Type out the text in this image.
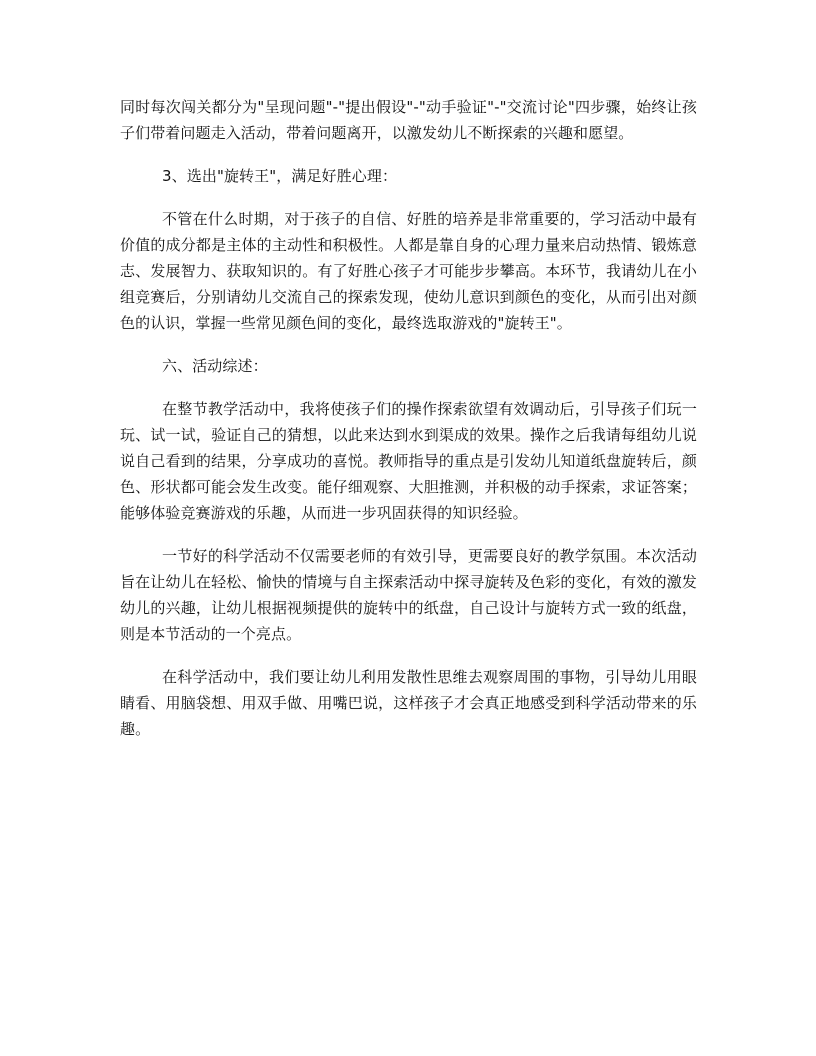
同时每次闯关都分为"呈现问题"-"提出假设"-"动手验证"-"交流讨论"四步骤，始终让孩子们带着问题走入活动，带着问题离开，以激发幼儿不断探索的兴趣和愿望。

3、选出"旋转王"，满足好胜心理：

不管在什么时期，对于孩子的自信、好胜的培养是非常重要的，学习活动中最有价值的成分都是主体的主动性和积极性。人都是靠自身的心理力量来启动热情、锻炼意志、发展智力、获取知识的。有了好胜心孩子才可能步步攀高。本环节，我请幼儿在小组竞赛后，分别请幼儿交流自己的探索发现，使幼儿意识到颜色的变化，从而引出对颜色的认识，掌握一些常见颜色间的变化，最终选取游戏的"旋转王"。

六、活动综述：

在整节教学活动中，我将使孩子们的操作探索欲望有效调动后，引导孩子们玩一玩、试一试，验证自己的猜想，以此来达到水到渠成的效果。操作之后我请每组幼儿说说自己看到的结果，分享成功的喜悦。教师指导的重点是引发幼儿知道纸盘旋转后，颜色、形状都可能会发生改变。能仔细观察、大胆推测，并积极的动手探索，求证答案；能够体验竞赛游戏的乐趣，从而进一步巩固获得的知识经验。

一节好的科学活动不仅需要老师的有效引导，更需要良好的教学氛围。本次活动旨在让幼儿在轻松、愉快的情境与自主探索活动中探寻旋转及色彩的变化，有效的激发幼儿的兴趣，让幼儿根据视频提供的旋转中的纸盘，自己设计与旋转方式一致的纸盘，则是本节活动的一个亮点。

在科学活动中，我们要让幼儿利用发散性思维去观察周围的事物，引导幼儿用眼睛看、用脑袋想、用双手做、用嘴巴说，这样孩子才会真正地感受到科学活动带来的乐趣。
